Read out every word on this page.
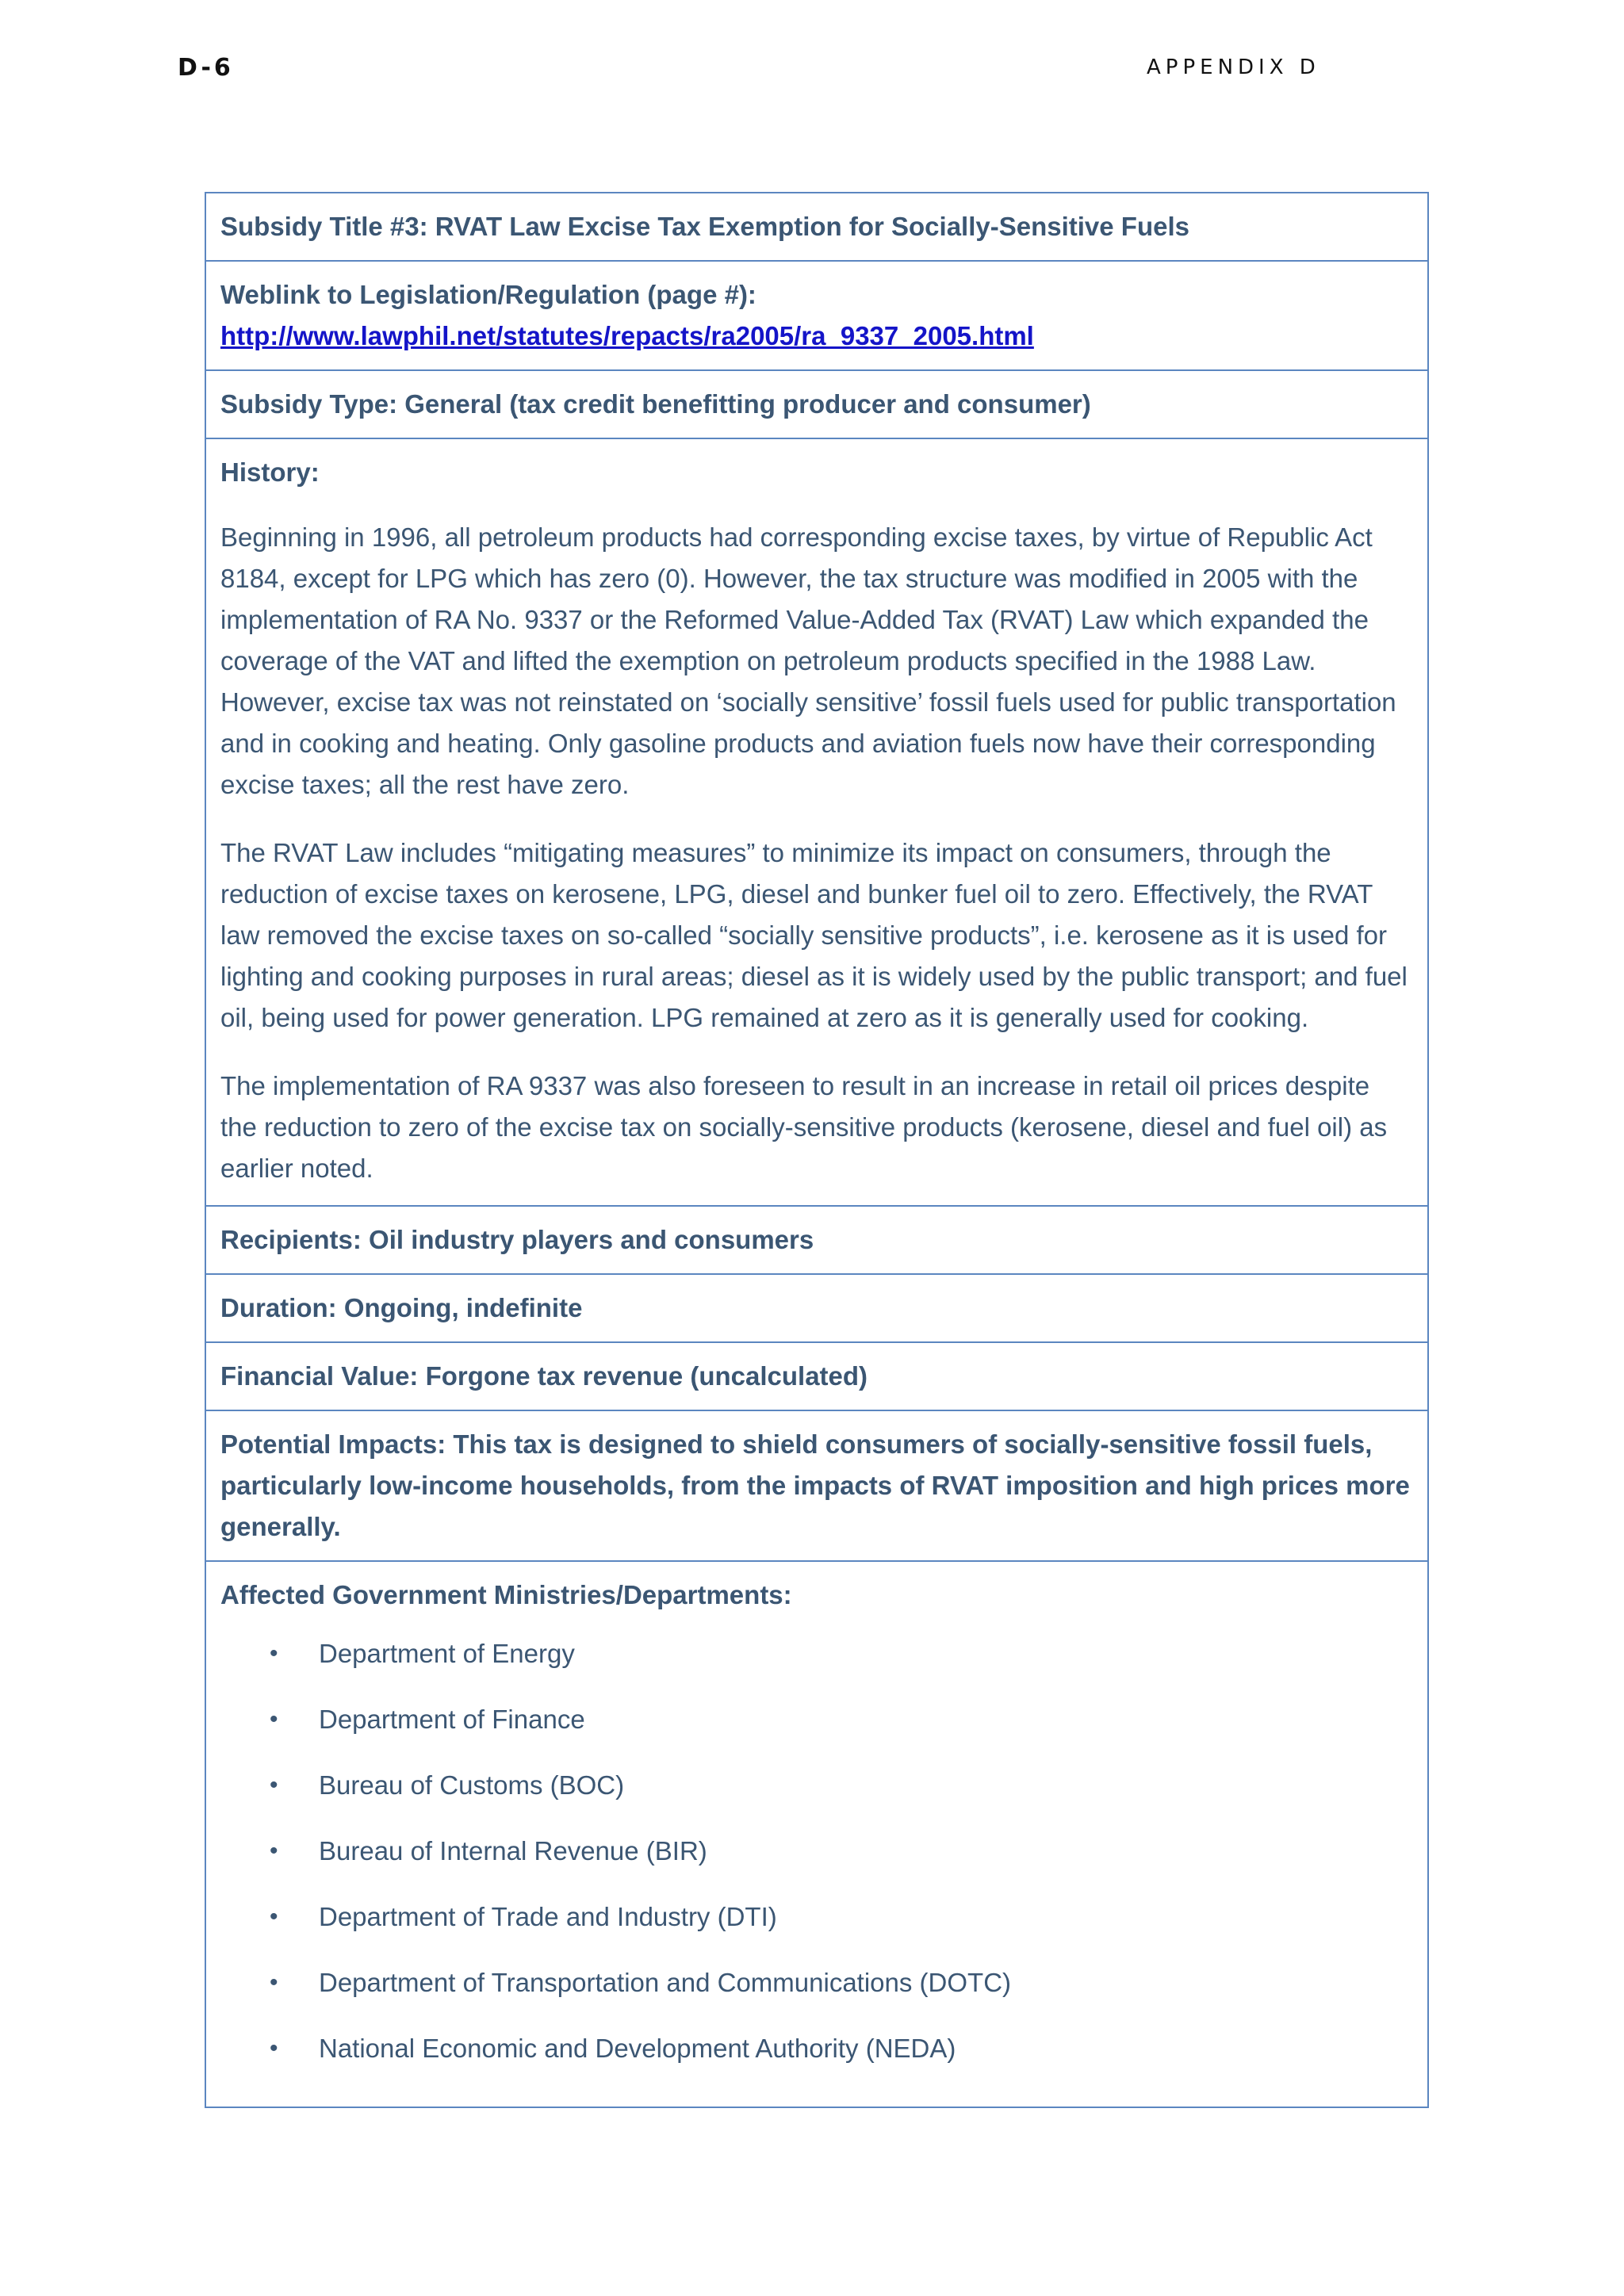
D-6	APPENDIX D
Subsidy Title #3: RVAT Law Excise Tax Exemption for Socially-Sensitive Fuels
Weblink to Legislation/Regulation (page #):
http://www.lawphil.net/statutes/repacts/ra2005/ra_9337_2005.html
Subsidy Type: General (tax credit benefitting producer and consumer)
History:

Beginning in 1996, all petroleum products had corresponding excise taxes, by virtue of Republic Act 8184, except for LPG which has zero (0). However, the tax structure was modified in 2005 with the implementation of RA No. 9337 or the Reformed Value-Added Tax (RVAT) Law which expanded the coverage of the VAT and lifted the exemption on petroleum products specified in the 1988 Law. However, excise tax was not reinstated on ‘socially sensitive’ fossil fuels used for public transportation and in cooking and heating. Only gasoline products and aviation fuels now have their corresponding excise taxes; all the rest have zero.

The RVAT Law includes “mitigating measures” to minimize its impact on consumers, through the reduction of excise taxes on kerosene, LPG, diesel and bunker fuel oil to zero. Effectively, the RVAT law removed the excise taxes on so-called “socially sensitive products”, i.e. kerosene as it is used for lighting and cooking purposes in rural areas; diesel as it is widely used by the public transport; and fuel oil, being used for power generation. LPG remained at zero as it is generally used for cooking.

The implementation of RA 9337 was also foreseen to result in an increase in retail oil prices despite the reduction to zero of the excise tax on socially-sensitive products (kerosene, diesel and fuel oil) as earlier noted.

Recipients: Oil industry players and consumers
Duration: Ongoing, indefinite
Financial Value: Forgone tax revenue (uncalculated)
Potential Impacts: This tax is designed to shield consumers of socially-sensitive fossil fuels, particularly low-income households, from the impacts of RVAT imposition and high prices more generally.
Affected Government Ministries/Departments:
• Department of Energy
• Department of Finance
• Bureau of Customs (BOC)
• Bureau of Internal Revenue (BIR)
• Department of Trade and Industry (DTI)
• Department of Transportation and Communications (DOTC)
• National Economic and Development Authority (NEDA)
